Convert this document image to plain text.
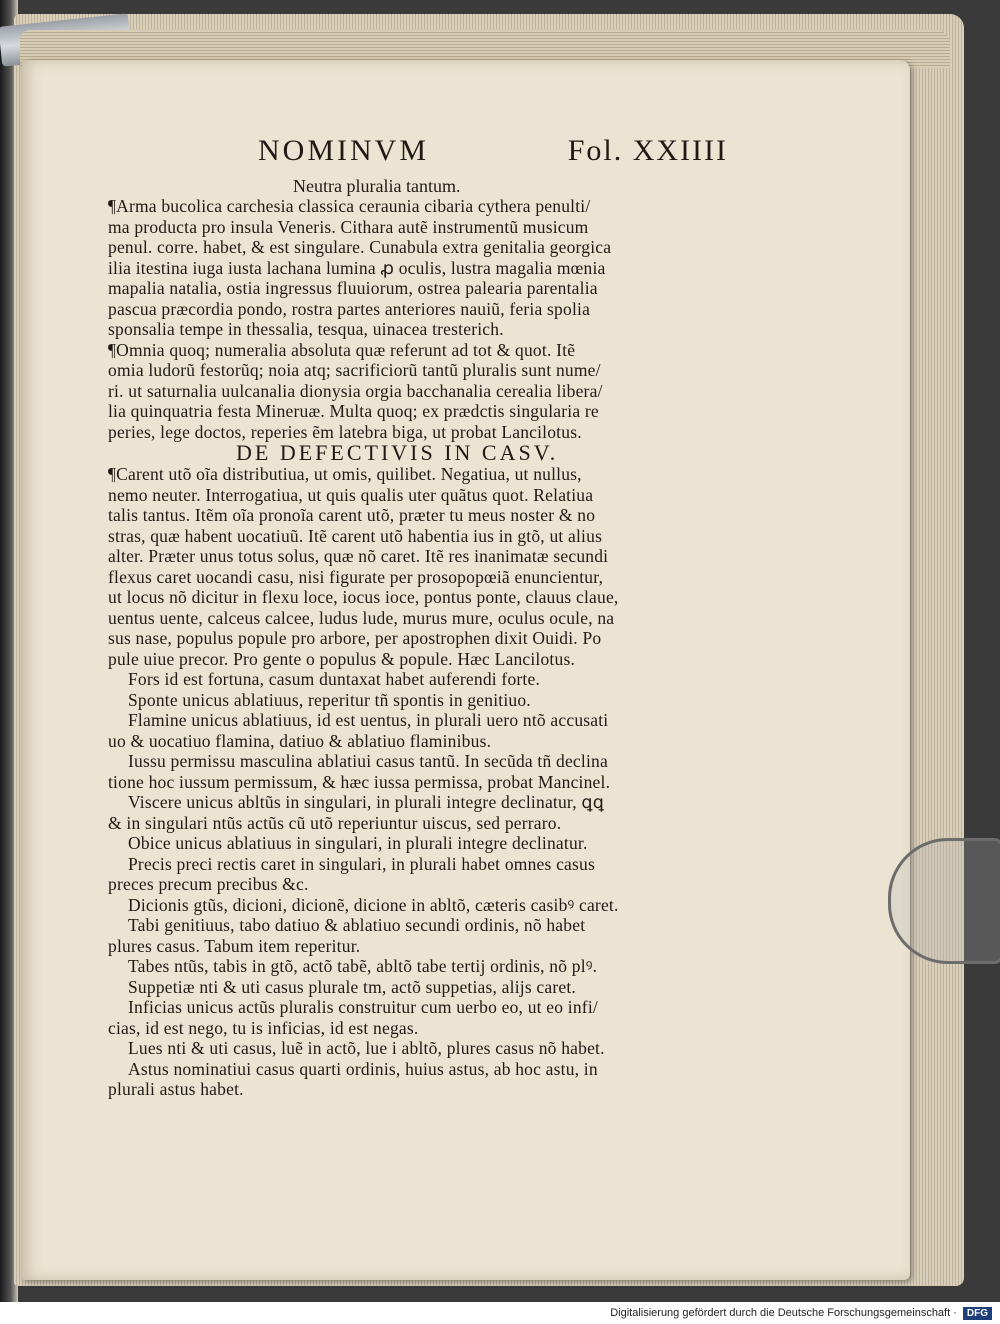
NOMINVM	Fol. XXIIII
Neutra pluralia tantum.
¶Arma bucolica carchesia classica ceraunia cibaria cythera penulti/
ma producta pro insula Veneris. Cithara autẽ instrumentũ musicum
penul. corre. habet, & est singulare. Cunabula extra genitalia georgica
ilia itestina iuga iusta lachana lumina ꝓ oculis, lustra magalia mœnia
mapalia natalia, ostia ingressus fluuiorum, ostrea palearia parentalia
pascua præcordia pondo, rostra partes anteriores nauiũ, feria spolia
sponsalia tempe in thessalia, tesqua, uinacea tresterich.
¶Omnia quoq; numeralia absoluta quæ referunt ad tot & quot. Itẽ
omia ludorũ festorũq; noia atq; sacrificiorũ tantũ pluralis sunt nume/
ri. ut saturnalia uulcanalia dionysia orgia bacchanalia cerealia libera/
lia quinquatria festa Mineruæ. Multa quoq; ex prædctis singularia re
peries, lege doctos, reperies ẽm latebra biga, ut probat Lancilotus.
DE DEFECTIVIS IN CASV.
¶Carent utõ oĩa distributiua, ut omis, quilibet. Negatiua, ut nullus,
nemo neuter. Interrogatiua, ut quis qualis uter quãtus quot. Relatiua
talis tantus. Itẽm oĩa pronoĩa carent utõ, præter tu meus noster & no
stras, quæ habent uocatiuũ. Itẽ carent utõ habentia ius in gtõ, ut alius
alter. Præter unus totus solus, quæ nõ caret. Itẽ res inanimatæ secundi
flexus caret uocandi casu, nisi figurate per prosopopœiã enuncientur,
ut locus nõ dicitur in flexu loce, iocus ioce, pontus ponte, clauus claue,
uentus uente, calceus calcee, ludus lude, murus mure, oculus ocule, na
sus nase, populus popule pro arbore, per apostrophen dixit Ouidi. Po
pule uiue precor. Pro gente o populus & popule. Hæc Lancilotus.
Fors id est fortuna, casum duntaxat habet auferendi forte.
Sponte unicus ablatiuus, reperitur tñ spontis in genitiuo.
Flamine unicus ablatiuus, id est uentus, in plurali uero ntõ accusati
uo & uocatiuo flamina, datiuo & ablatiuo flaminibus.
Iussu permissu masculina ablatiui casus tantũ. In secũda tñ declina
tione hoc iussum permissum, & hæc iussa permissa, probat Mancinel.
Viscere unicus abltũs in singulari, in plurali integre declinatur, ꝗꝗ
& in singulari ntũs actũs cũ utõ reperiuntur uiscus, sed perraro.
Obice unicus ablatiuus in singulari, in plurali integre declinatur.
Precis preci rectis caret in singulari, in plurali habet omnes casus
preces precum precibus &c.
Dicionis gtũs, dicioni, dicionẽ, dicione in abltõ, cæteris casibꝰ caret.
Tabi genitiuus, tabo datiuo & ablatiuo secundi ordinis, nõ habet
plures casus. Tabum item reperitur.
Tabes ntũs, tabis in gtõ, actõ tabẽ, abltõ tabe tertij ordinis, nõ plꝰ.
Suppetiæ nti & uti casus plurale tm, actõ suppetias, alijs caret.
Inficias unicus actũs pluralis construitur cum uerbo eo, ut eo infi/
cias, id est nego, tu is inficias, id est negas.
Lues nti & uti casus, luẽ in actõ, lue i abltõ, plures casus nõ habet.
Astus nominatiui casus quarti ordinis, huius astus, ab hoc astu, in
plurali astus habet.
Digitalisierung gefördert durch die Deutsche Forschungsgemeinschaft ·	DFG
